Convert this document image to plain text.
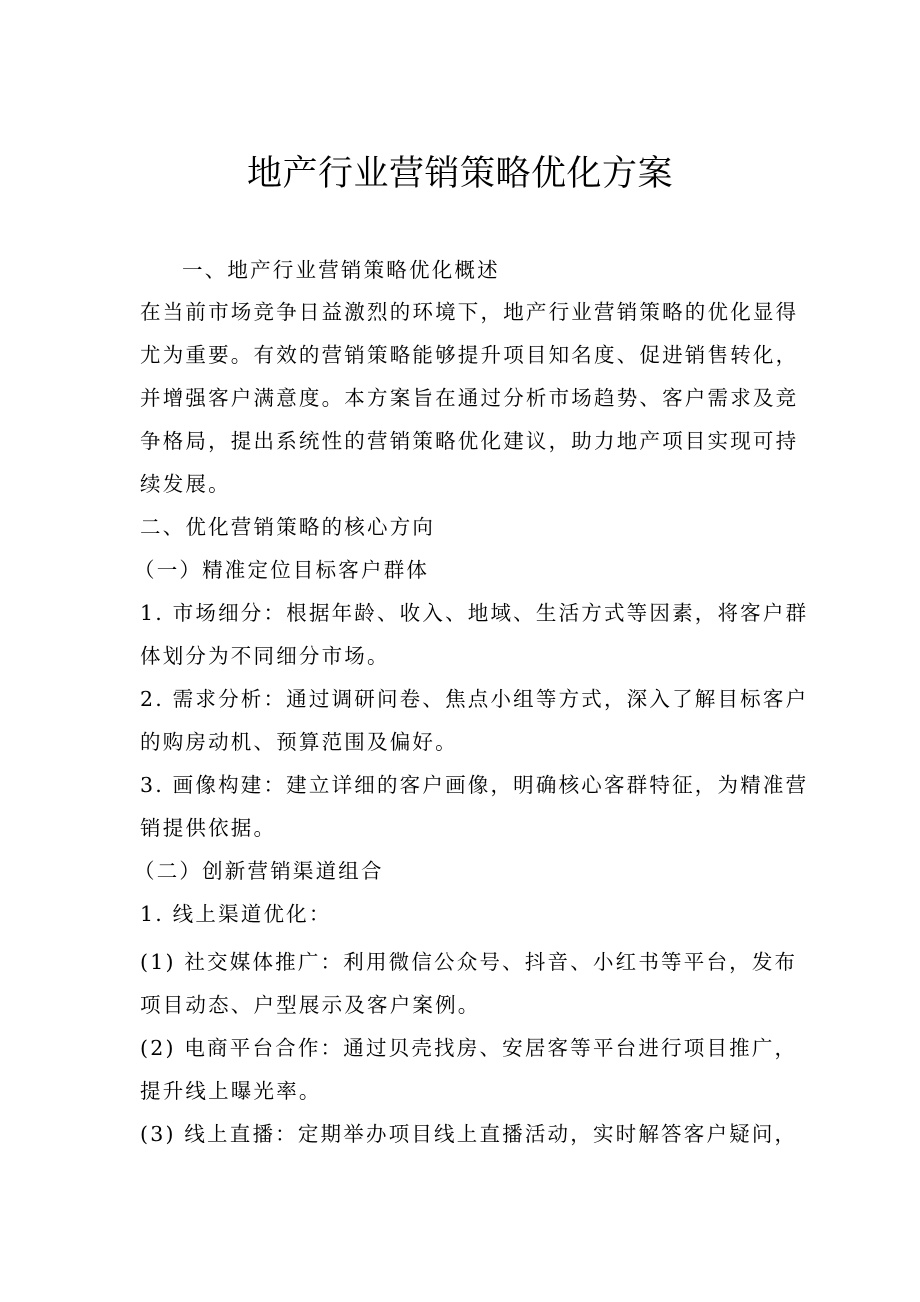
地产行业营销策略优化方案

一、地产行业营销策略优化概述

在当前市场竞争日益激烈的环境下，地产行业营销策略的优化显得

尤为重要。有效的营销策略能够提升项目知名度、促进销售转化，

并增强客户满意度。本方案旨在通过分析市场趋势、客户需求及竞

争格局，提出系统性的营销策略优化建议，助力地产项目实现可持

续发展。

二、优化营销策略的核心方向

（一）精准定位目标客户群体

1. 市场细分：根据年龄、收入、地域、生活方式等因素，将客户群

体划分为不同细分市场。

2. 需求分析：通过调研问卷、焦点小组等方式，深入了解目标客户

的购房动机、预算范围及偏好。

3. 画像构建：建立详细的客户画像，明确核心客群特征，为精准营

销提供依据。

（二）创新营销渠道组合

1. 线上渠道优化：

(1) 社交媒体推广：利用微信公众号、抖音、小红书等平台，发布

项目动态、户型展示及客户案例。

(2) 电商平台合作：通过贝壳找房、安居客等平台进行项目推广，

提升线上曝光率。

(3) 线上直播：定期举办项目线上直播活动，实时解答客户疑问，
